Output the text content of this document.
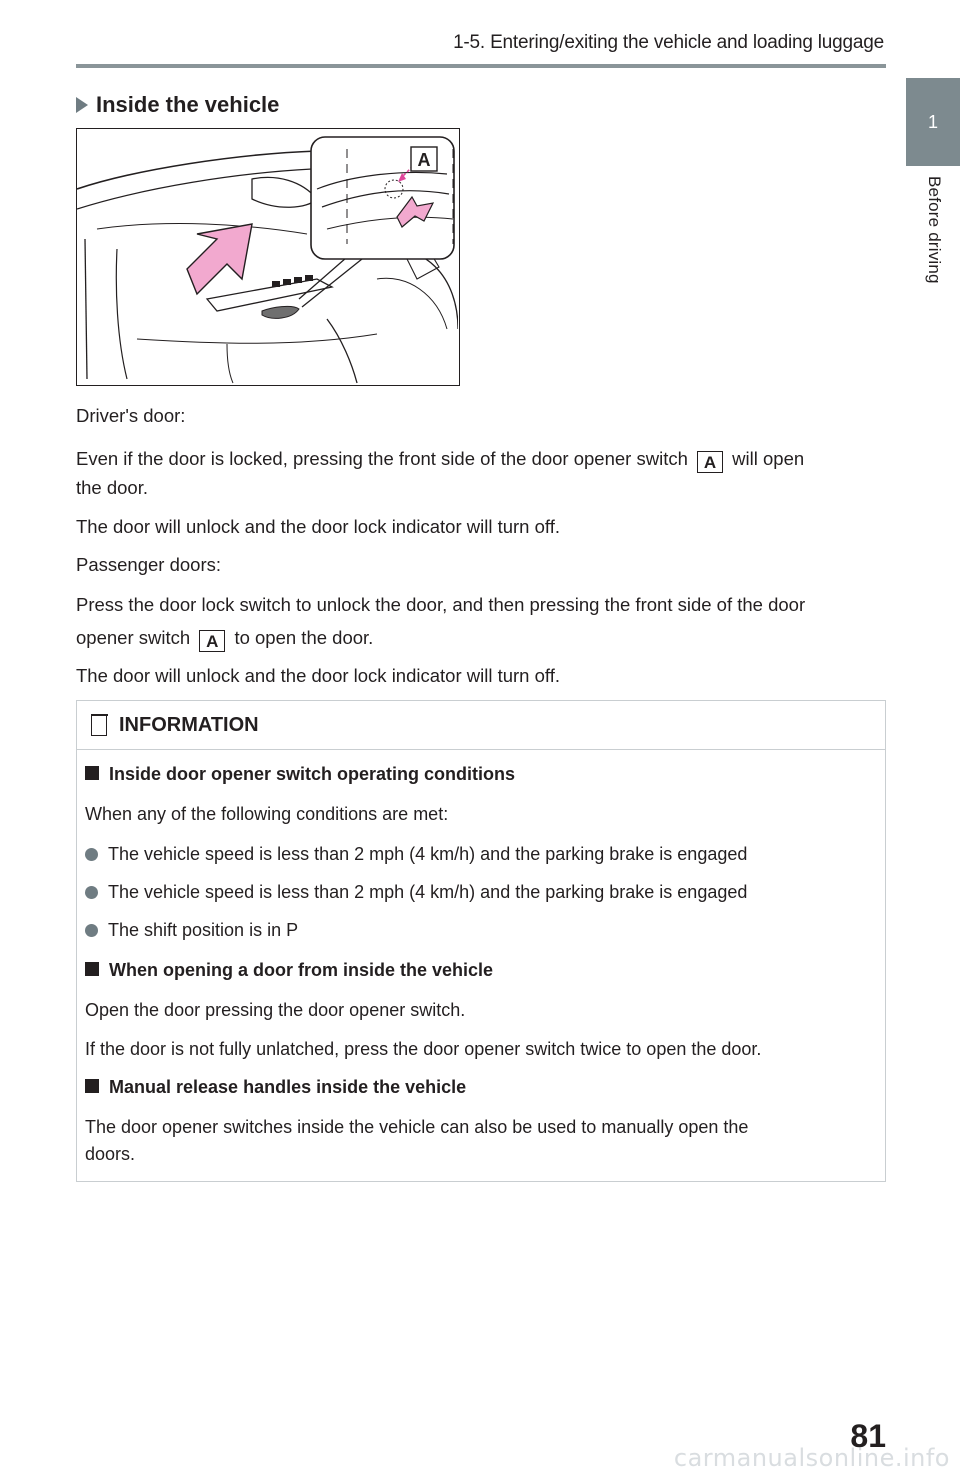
1-5. Entering/exiting the vehicle and loading luggage
1
Before driving
Inside the vehicle
A
Driver's door:
Even if the door is locked, pressing the front side of the door opener switch A will open
the door.
The door will unlock and the door lock indicator will turn off.
Passenger doors:
Press the door lock switch to unlock the door, and then pressing the front side of the door
opener switch A to open the door.
The door will unlock and the door lock indicator will turn off.
INFORMATION
Inside door opener switch operating conditions
When any of the following conditions are met:
The vehicle speed is less than 2 mph (4 km/h) and the parking brake is engaged
The vehicle speed is less than 2 mph (4 km/h) and the parking brake is engaged
The shift position is in P
When opening a door from inside the vehicle
Open the door pressing the door opener switch.
If the door is not fully unlatched, press the door opener switch twice to open the door.
Manual release handles inside the vehicle
The door opener switches inside the vehicle can also be used to manually open the
doors.
81
carmanualsonline.info
